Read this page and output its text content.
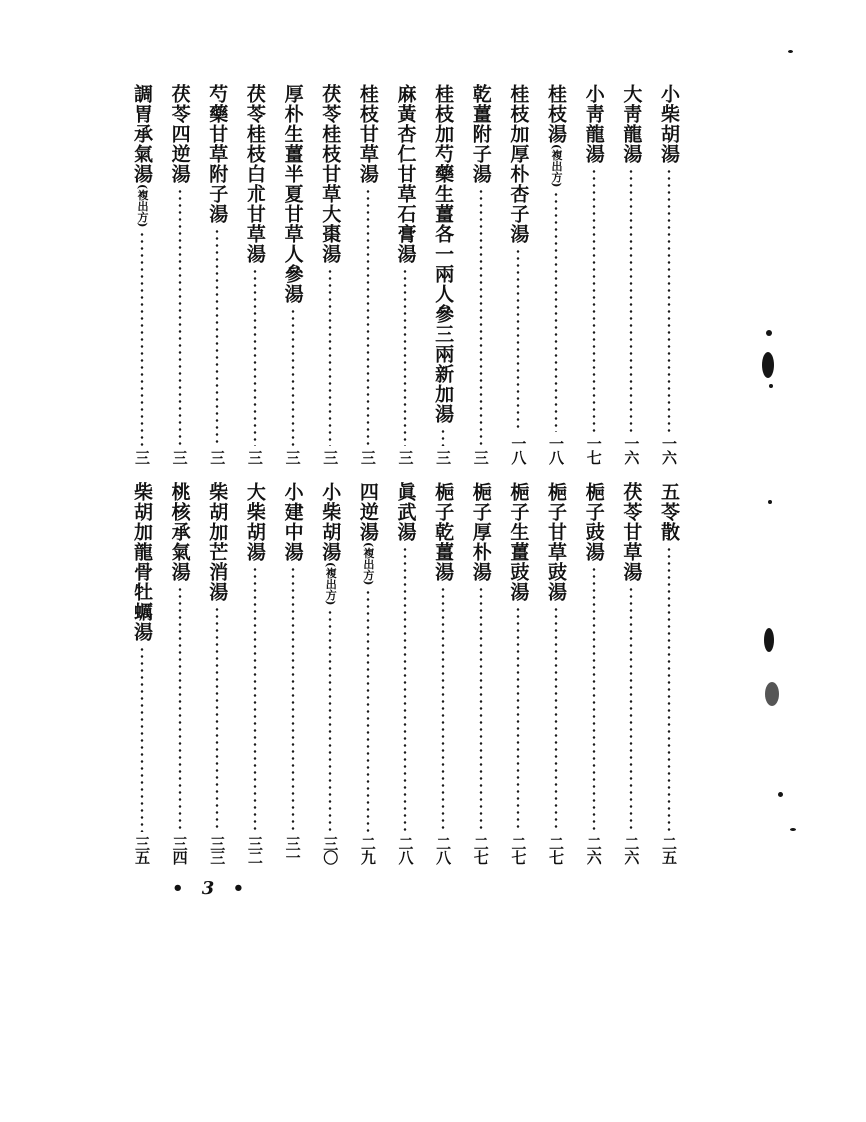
小柴胡湯
一六
大靑龍湯
一六
小靑龍湯
一七
桂枝湯(複出方)
一八
桂枝加厚朴杏子湯
一八
乾薑附子湯
三
桂枝加芍藥生薑各一兩人參三兩新加湯
三
麻黃杏仁甘草石膏湯
三
桂枝甘草湯
三
茯苓桂枝甘草大棗湯
三
厚朴生薑半夏甘草人參湯
三
茯苓桂枝白朮甘草湯
三
芍藥甘草附子湯
三
茯苓四逆湯
三
調胃承氣湯(複出方)
三
五苓散
二五
茯苓甘草湯
二六
梔子豉湯
二六
梔子甘草豉湯
二七
梔子生薑豉湯
二七
梔子厚朴湯
二七
梔子乾薑湯
二八
眞武湯
二八
四逆湯(複出方)
二九
小柴胡湯(複出方)
三〇
小建中湯
三一
大柴胡湯
三二
柴胡加芒消湯
三三
桃核承氣湯
三四
柴胡加龍骨牡蠣湯
三五
• 3 •
